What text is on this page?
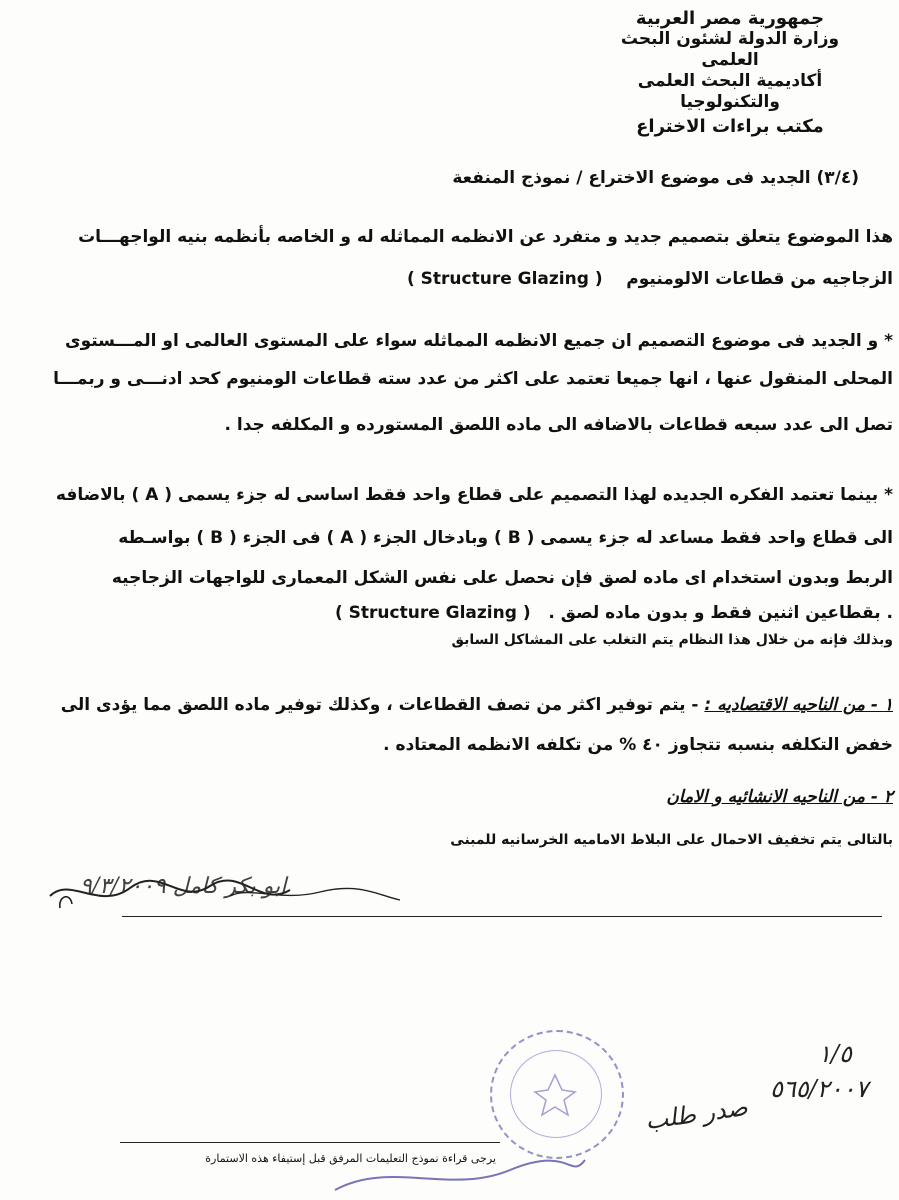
جمهورية مصر العربية
وزارة الدولة لشئون البحث العلمى
أكاديمية البحث العلمى والتكنولوجيا
مكتب براءات الاختراع
(٣/٤) الجديد فى موضوع الاختراع / نموذج المنفعة
هذا الموضوع يتعلق بتصميم جديد و متفرد عن الانظمه المماثله له و الخاصه بأنظمه بنيه الواجهـــات
الزجاجيه من قطاعات الالومنيوم    ( Structure Glazing )
* و الجديد فى موضوع التصميم ان جميع الانظمه المماثله سواء على المستوى العالمى او المـــستوى
المحلى المنقول عنها ، انها جميعا تعتمد على اكثر من عدد سته قطاعات الومنيوم كحد ادنـــى و ربمـــا
تصل الى عدد سبعه قطاعات بالاضافه الى ماده اللصق المستورده و المكلفه جدا .
* بينما تعتمد الفكره الجديده لهذا التصميم على قطاع واحد فقط اساسى له جزء يسمى ( A ) بالاضافه
الى قطاع واحد فقط مساعد له جزء يسمى ( B ) وبادخال الجزء ( A ) فى الجزء ( B ) بواسـطه
الربط وبدون استخدام اى ماده لصق فإن نحصل على نفس الشكل المعمارى للواجهات الزجاجيه
( Structure Glazing ) . بقطاعين اثنين فقط و بدون ماده لصق .
وبذلك فإنه من خلال هذا النظام يتم التغلب على المشاكل السابق
١ - من الناحيه الاقتصاديه : - يتم توفير اكثر من تصف القطاعات ، وكذلك توفير ماده اللصق مما يؤدى الى
خفض التكلفه بنسبه تتجاوز ٤٠ % من تكلفه الانظمه المعتاده .
٢ - من الناحيه الانشائيه و الامان
بالتالى يتم تخفيف الاحمال على البلاط الاماميه الخرسانيه للمبنى
ابو بكر كامل ٩/٣/٢٠٠٩
١/٥
٥٦٥/٢٠٠٧
صدر طلب
يرجى قراءة نموذج التعليمات المرفق قبل إستيفاء هذه الاستمارة
